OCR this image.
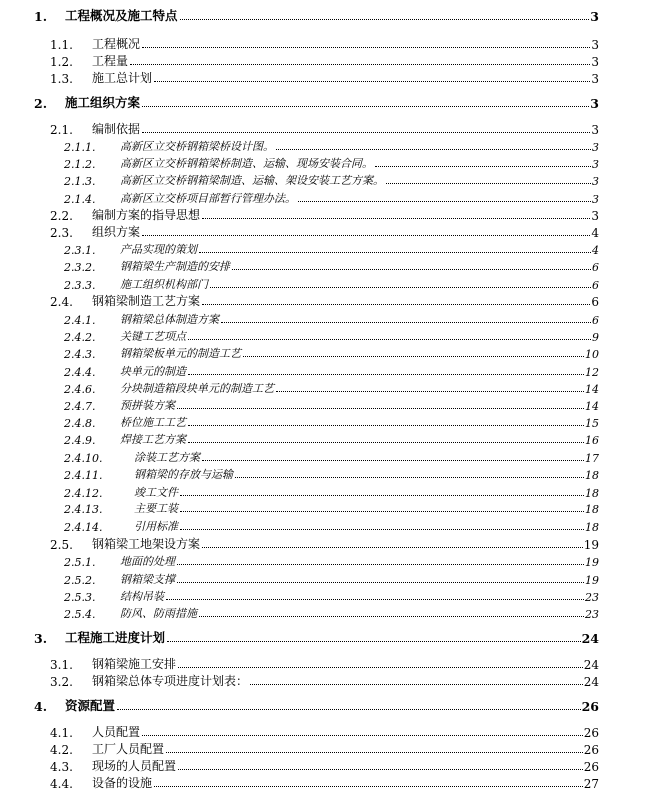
1.	工程概况及施工特点	3
1.1.	工程概况	3
1.2.	工程量	3
1.3.	施工总计划	3
2.	施工组织方案	3
2.1.	编制依据	3
2.1.1.	高新区立交桥钢箱梁桥设计图。	3
2.1.2.	高新区立交桥钢箱梁桥制造、运输、现场安装合同。	3
2.1.3.	高新区立交桥钢箱梁制造、运输、架设安装工艺方案。	3
2.1.4.	高新区立交桥项目部暂行管理办法。	3
2.2.	编制方案的指导思想	3
2.3.	组织方案	4
2.3.1.	产品实现的策划	4
2.3.2.	钢箱梁生产制造的安排	6
2.3.3.	施工组织机构部门	6
2.4.	钢箱梁制造工艺方案	6
2.4.1.	钢箱梁总体制造方案	6
2.4.2.	关键工艺项点	9
2.4.3.	钢箱梁板单元的制造工艺	10
2.4.4.	块单元的制造	12
2.4.6.	分块制造箱段块单元的制造工艺	14
2.4.7.	预拼装方案	14
2.4.8.	桥位施工工艺	15
2.4.9.	焊接工艺方案	16
2.4.10.	涂装工艺方案	17
2.4.11.	钢箱梁的存放与运输	18
2.4.12.	竣工文件	18
2.4.13.	主要工装	18
2.4.14.	引用标准	18
2.5.	钢箱梁工地架设方案	19
2.5.1.	地面的处理	19
2.5.2.	钢箱梁支撑	19
2.5.3.	结构吊装	23
2.5.4.	防风、防雨措施	23
3.	工程施工进度计划	24
3.1.	钢箱梁施工安排	24
3.2.	钢箱梁总体专项进度计划表：	24
4.	资源配置	26
4.1.	人员配置	26
4.2.	工厂人员配置	26
4.3.	现场的人员配置	26
4.4.	设备的设施	27
